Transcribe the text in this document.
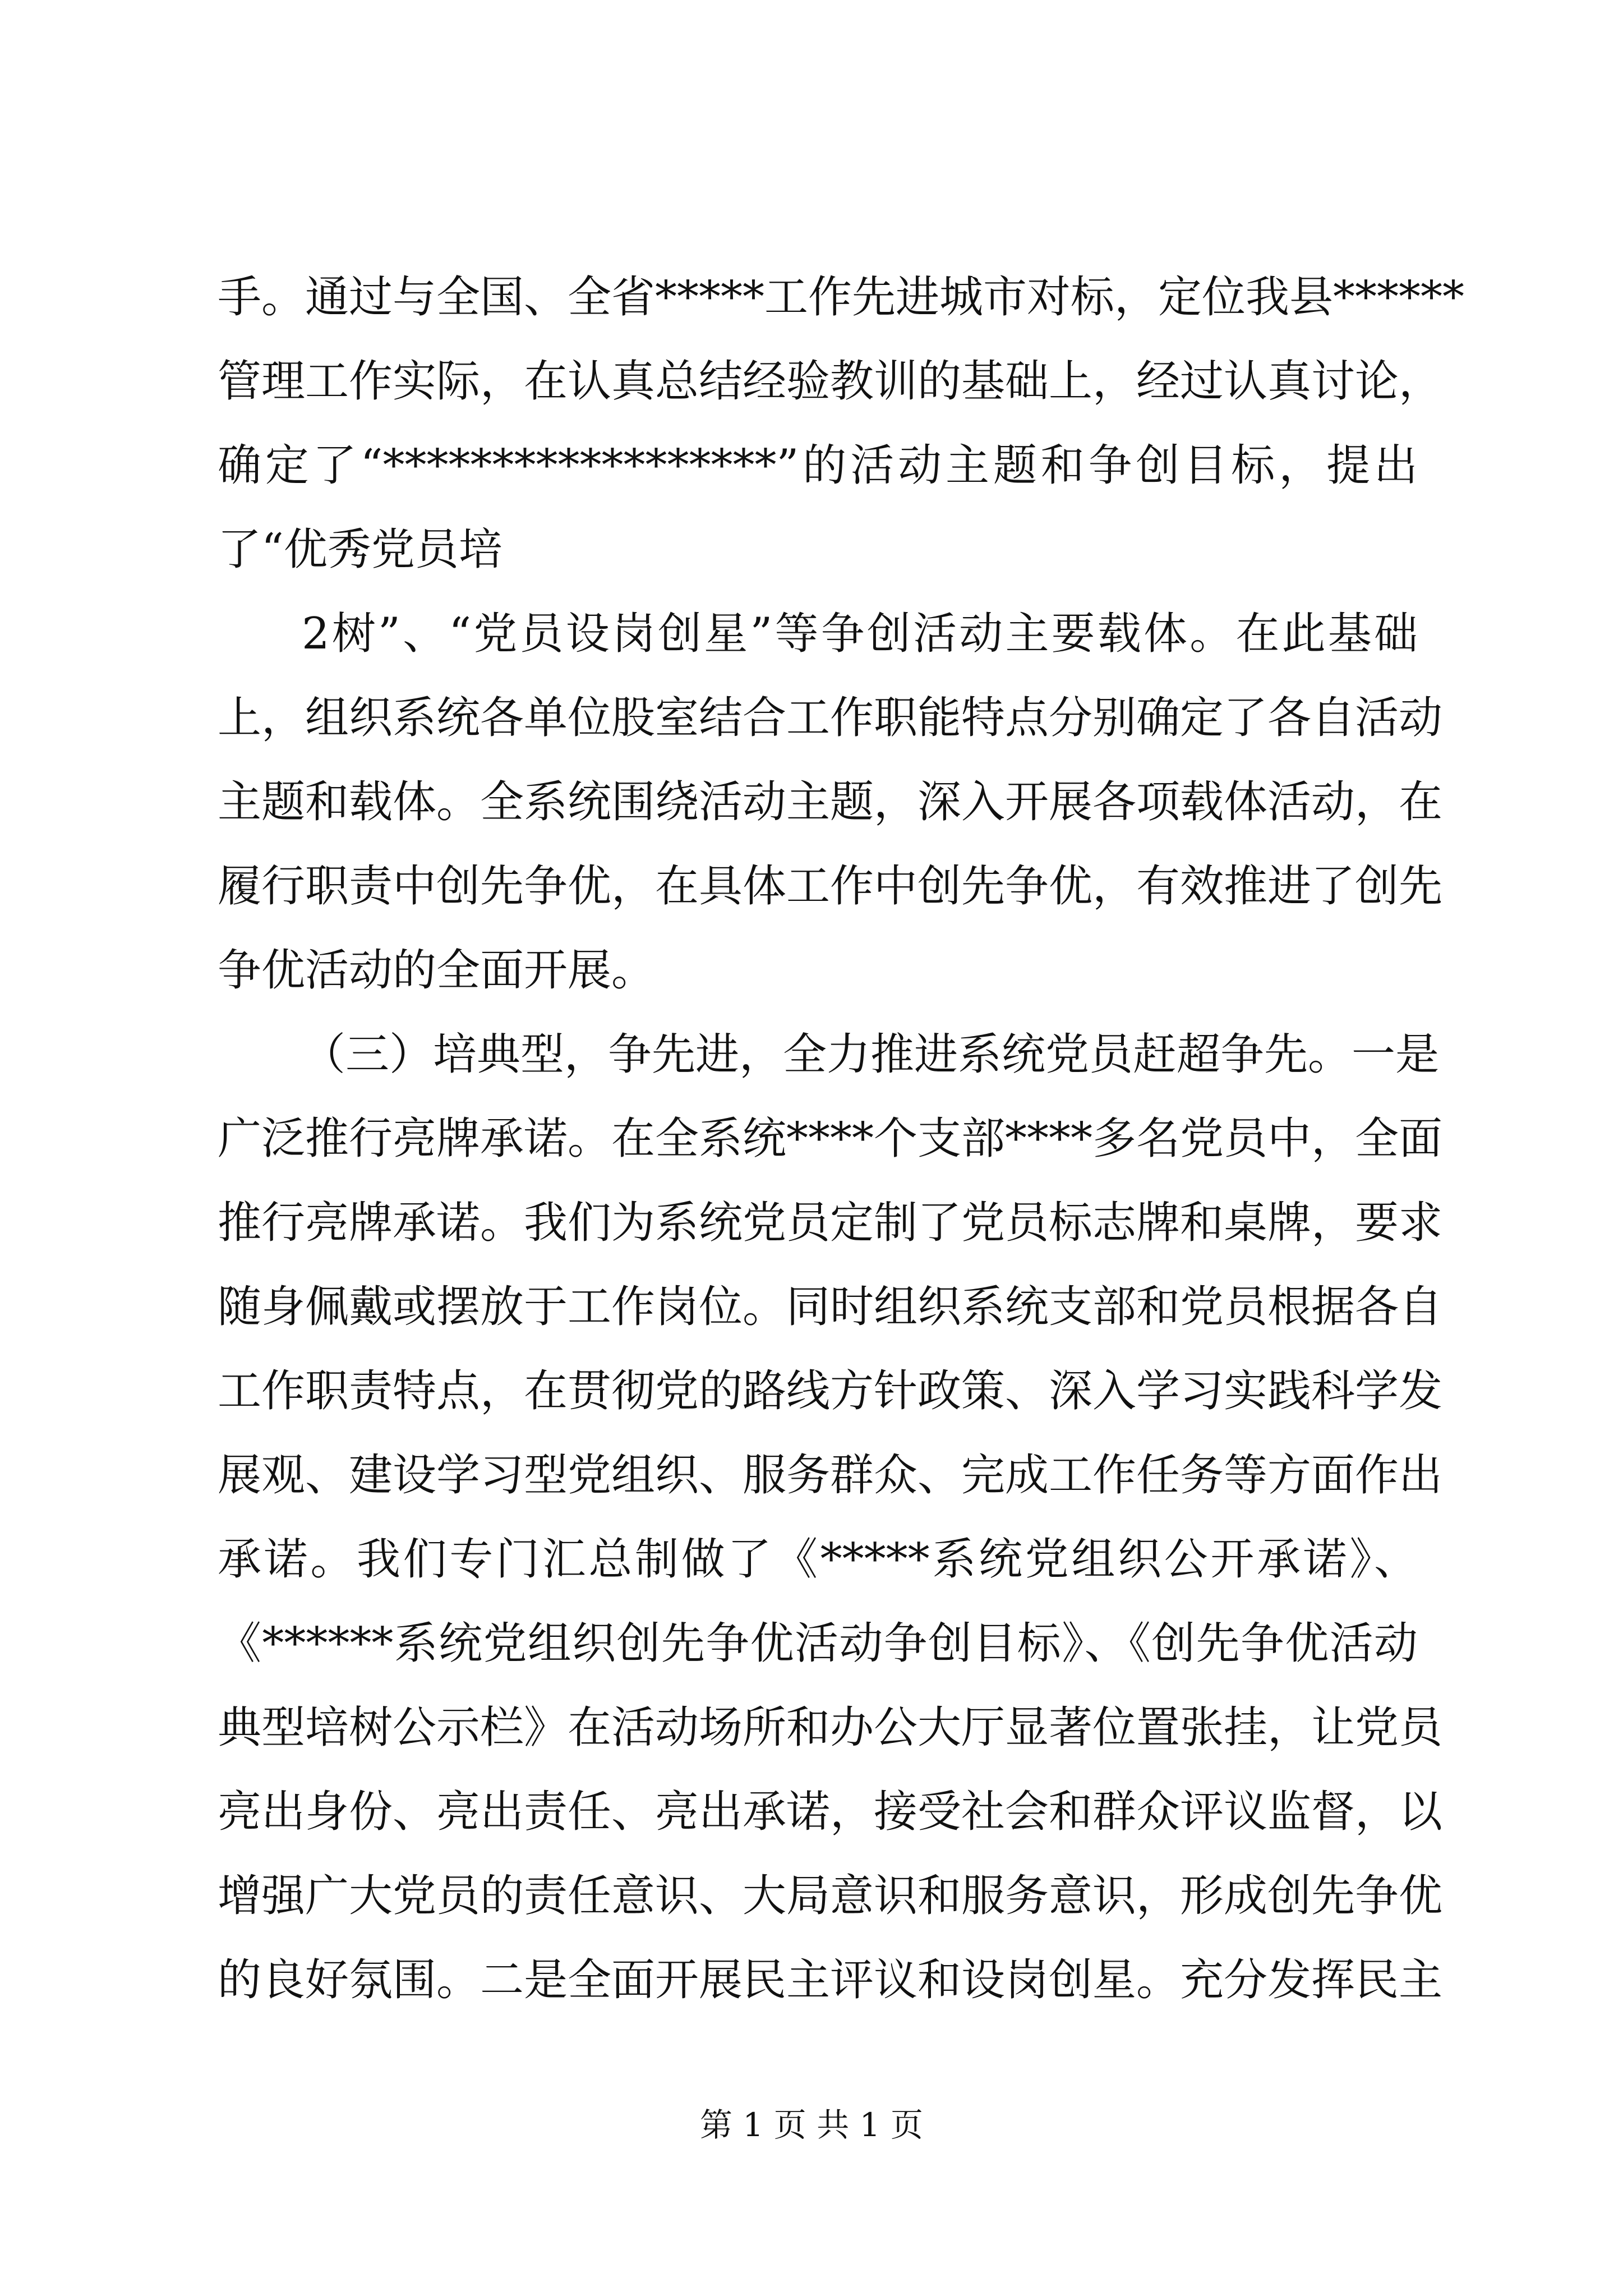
手。通过与全国、全省*****工作先进城市对标，定位我县******
管理工作实际，在认真总结经验教训的基础上，经过认真讨论，
确定了“******************”的活动主题和争创目标，提出
了“优秀党员培
2树”、“党员设岗创星”等争创活动主要载体。在此基础
上，组织系统各单位股室结合工作职能特点分别确定了各自活动
主题和载体。全系统围绕活动主题，深入开展各项载体活动，在
履行职责中创先争优，在具体工作中创先争优，有效推进了创先
争优活动的全面开展。
（三）培典型，争先进，全力推进系统党员赶超争先。一是
广泛推行亮牌承诺。在全系统****个支部****多名党员中，全面
推行亮牌承诺。我们为系统党员定制了党员标志牌和桌牌，要求
随身佩戴或摆放于工作岗位。同时组织系统支部和党员根据各自
工作职责特点，在贯彻党的路线方针政策、深入学习实践科学发
展观、建设学习型党组织、服务群众、完成工作任务等方面作出
承诺。我们专门汇总制做了《*****系统党组织公开承诺》、
《******系统党组织创先争优活动争创目标》、《创先争优活动
典型培树公示栏》在活动场所和办公大厅显著位置张挂，让党员
亮出身份、亮出责任、亮出承诺，接受社会和群众评议监督，以
增强广大党员的责任意识、大局意识和服务意识，形成创先争优
的良好氛围。二是全面开展民主评议和设岗创星。充分发挥民主
第 1 页 共 1 页
